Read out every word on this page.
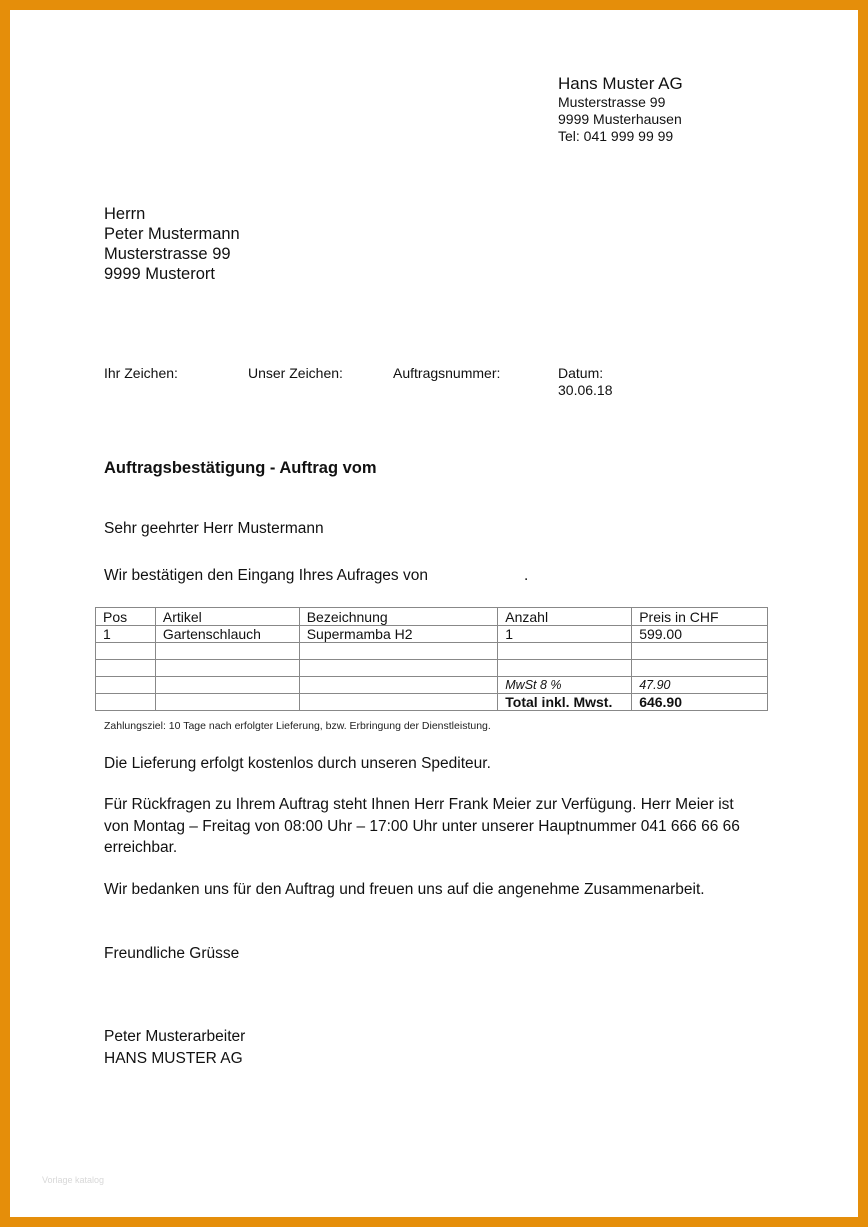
Hans Muster AG
Musterstrasse 99
9999 Musterhausen
Tel: 041 999 99 99
Herrn
Peter Mustermann
Musterstrasse 99
9999 Musterort
Ihr Zeichen:	Unser Zeichen:	Auftragsnummer:	Datum:
30.06.18
Auftragsbestätigung - Auftrag vom
Sehr geehrter Herr Mustermann
Wir bestätigen den Eingang Ihres Aufrages von	.
Pos	Artikel	Bezeichnung	Anzahl	Preis in CHF
1	Gartenschlauch	Supermamba H2	1	599.00

			MwSt 8 %	47.90
			Total inkl. Mwst.	646.90
Zahlungsziel: 10 Tage nach erfolgter Lieferung, bzw. Erbringung der Dienstleistung.
Die Lieferung erfolgt kostenlos durch unseren Spediteur.
Für Rückfragen zu Ihrem Auftrag steht Ihnen Herr Frank Meier zur Verfügung. Herr Meier ist
von Montag – Freitag von 08:00 Uhr – 17:00 Uhr unter unserer Hauptnummer 041 666 66 66
erreichbar.
Wir bedanken uns für den Auftrag und freuen uns auf die angenehme Zusammenarbeit.
Freundliche Grüsse
Peter Musterarbeiter
HANS MUSTER AG
Vorlage katalog
